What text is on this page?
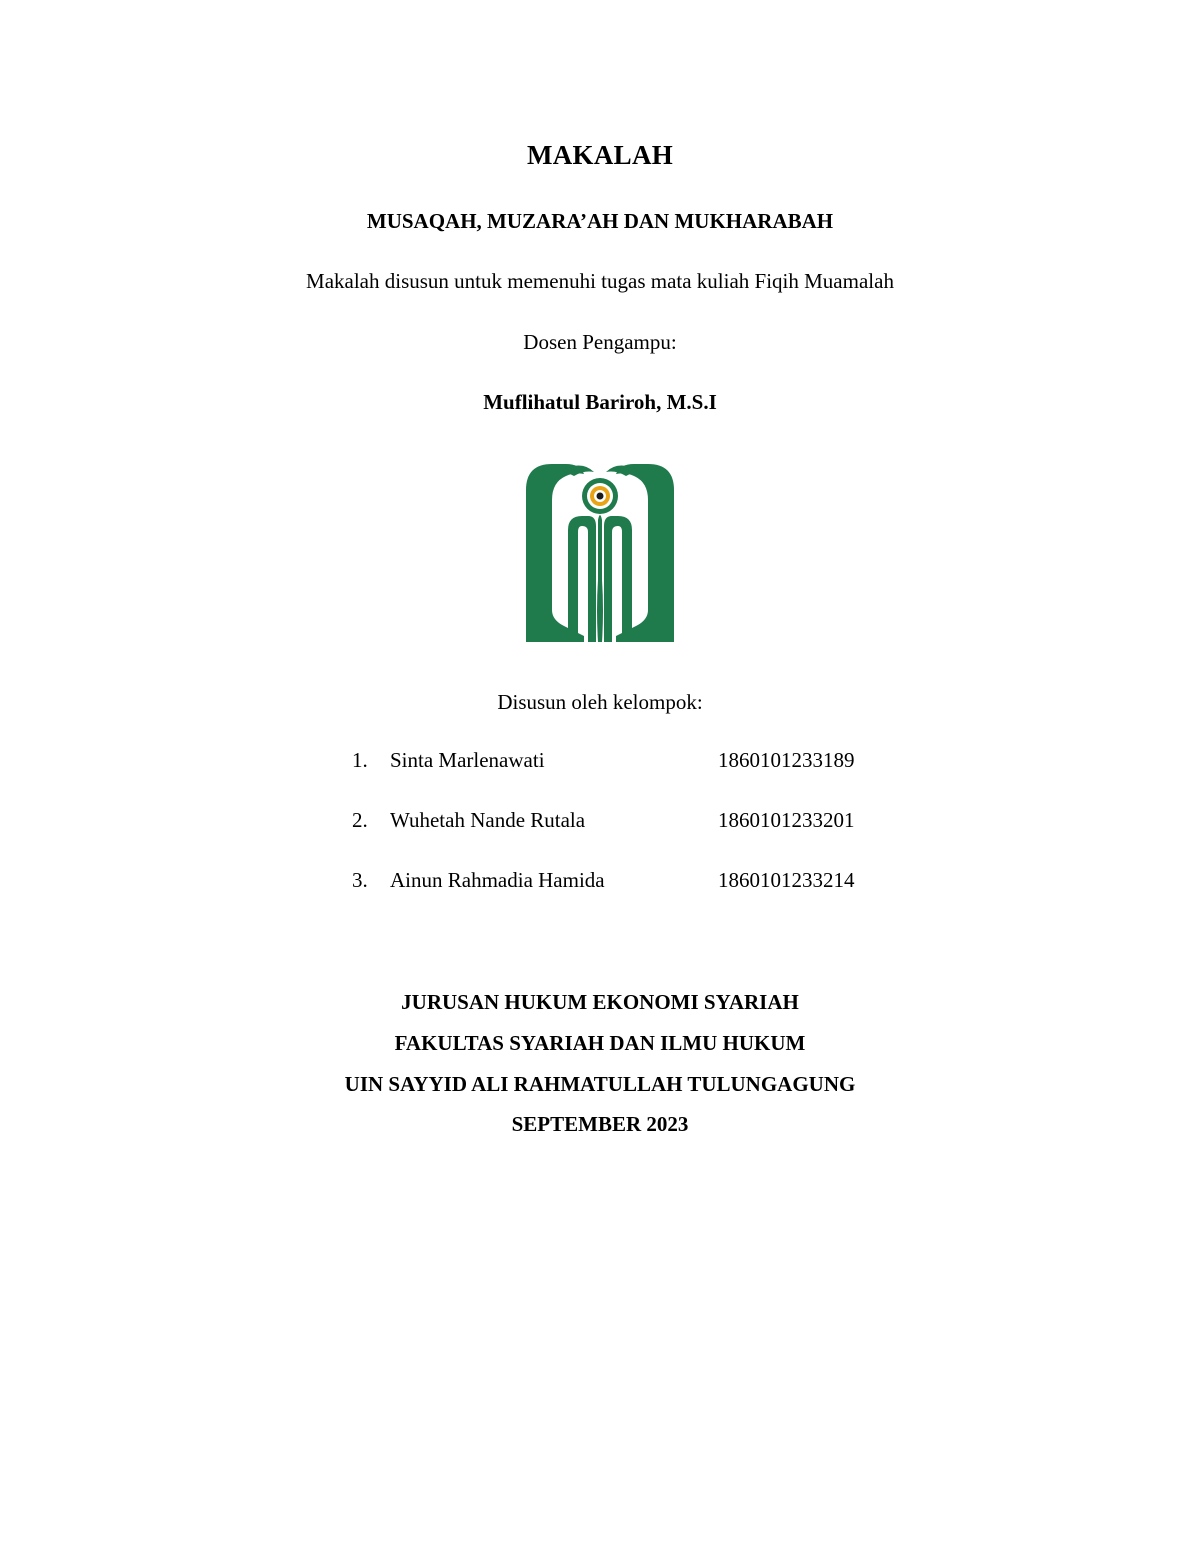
MAKALAH
MUSAQAH, MUZARA’AH DAN MUKHARABAH
Makalah disusun untuk memenuhi tugas mata kuliah Fiqih Muamalah
Dosen Pengampu:
Muflihatul Bariroh, M.S.I
Disusun oleh kelompok:
1. Sinta Marlenawati	1860101233189
2. Wuhetah Nande Rutala	1860101233201
3. Ainun Rahmadia Hamida	1860101233214
JURUSAN HUKUM EKONOMI SYARIAH
FAKULTAS SYARIAH DAN ILMU HUKUM
UIN SAYYID ALI RAHMATULLAH TULUNGAGUNG
SEPTEMBER 2023
